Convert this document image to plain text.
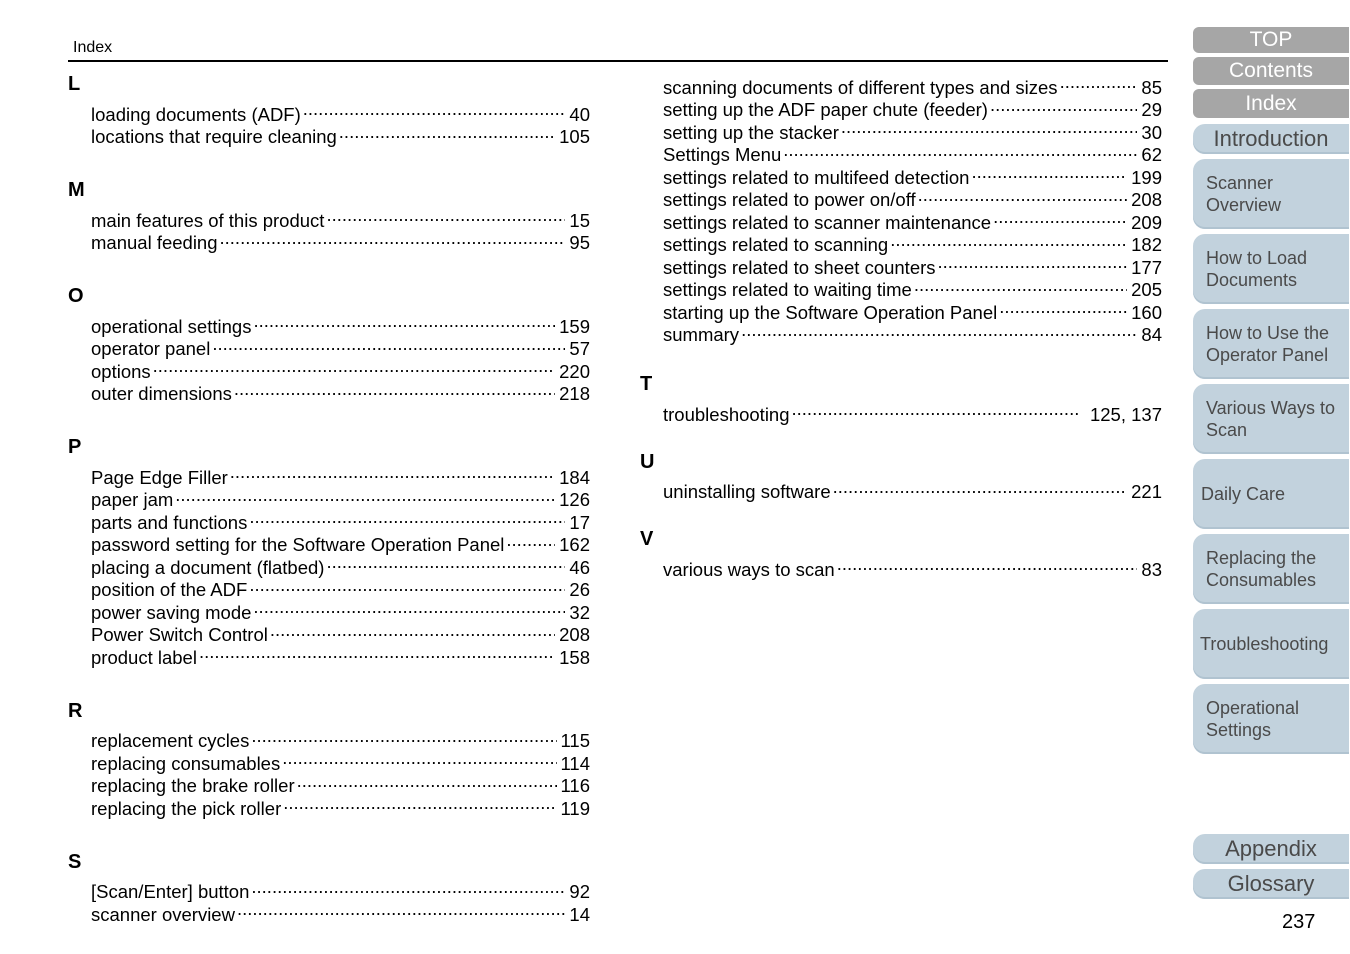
Index
L
loading documents (ADF) .....	40
locations that require cleaning .....	105
M
main features of this product .....	15
manual feeding .....	95
O
operational settings .....	159
operator panel .....	57
options .....	220
outer dimensions .....	218
P
Page Edge Filler .....	184
paper jam .....	126
parts and functions .....	17
password setting for the Software Operation Panel .....	162
placing a document (flatbed) .....	46
position of the ADF .....	26
power saving mode .....	32
Power Switch Control .....	208
product label .....	158
R
replacement cycles .....	115
replacing consumables .....	114
replacing the brake roller .....	116
replacing the pick roller .....	119
S
[Scan/Enter] button .....	92
scanner overview .....	14
scanning documents of different types and sizes .....	85
setting up the ADF paper chute (feeder) .....	29
setting up the stacker .....	30
Settings Menu .....	62
settings related to multifeed detection .....	199
settings related to power on/off .....	208
settings related to scanner maintenance .....	209
settings related to scanning .....	182
settings related to sheet counters .....	177
settings related to waiting time .....	205
starting up the Software Operation Panel .....	160
summary .....	84
T
troubleshooting .....	125, 137
U
uninstalling software .....	221
V
various ways to scan .....	83
TOP
Contents
Index
Introduction
Scanner Overview
How to Load Documents
How to Use the Operator Panel
Various Ways to Scan
Daily Care
Replacing the Consumables
Troubleshooting
Operational Settings
Appendix
Glossary
237
